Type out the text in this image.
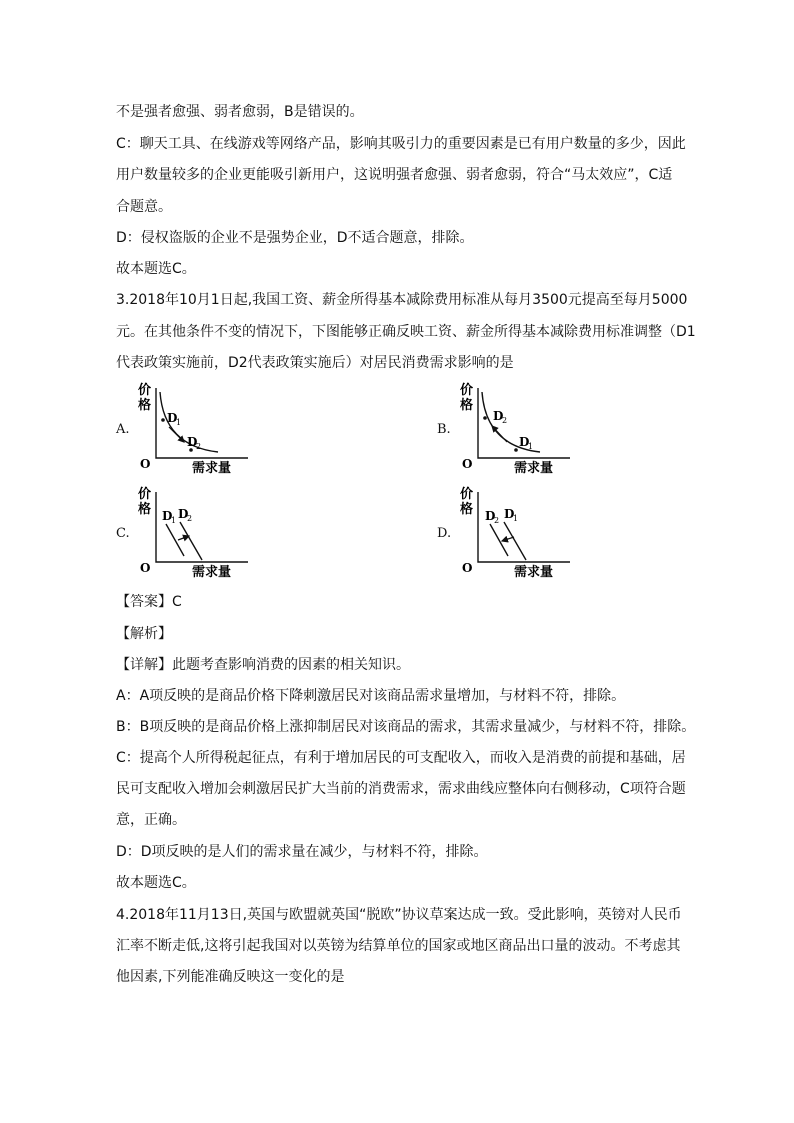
不是强者愈强、弱者愈弱，B是错误的。
C：聊天工具、在线游戏等网络产品，影响其吸引力的重要因素是已有用户数量的多少，因此
用户数量较多的企业更能吸引新用户，这说明强者愈强、弱者愈弱，符合“马太效应”，C适
合题意。
D：侵权盗版的企业不是强势企业，D不适合题意，排除。
故本题选C。
3.2018年10月1日起,我国工资、薪金所得基本减除费用标准从每月3500元提高至每月5000
元。在其他条件不变的情况下，下图能够正确反映工资、薪金所得基本减除费用标准调整（D1
代表政策实施前，D2代表政策实施后）对居民消费需求影响的是
A.	B.
C.	D.
价
格
D
1
D
2
O	需求量
价
格
D
2
D
1
O	需求量
价
格 D
1 D
2
O	需求量
价
格 D
2 D
1
O	需求量
【答案】C
【解析】
【详解】此题考查影响消费的因素的相关知识。
A：A项反映的是商品价格下降刺激居民对该商品需求量增加，与材料不符，排除。
B：B项反映的是商品价格上涨抑制居民对该商品的需求，其需求量减少，与材料不符，排除。
C：提高个人所得税起征点，有利于增加居民的可支配收入，而收入是消费的前提和基础，居
民可支配收入增加会刺激居民扩大当前的消费需求，需求曲线应整体向右侧移动，C项符合题
意，正确。
D：D项反映的是人们的需求量在减少，与材料不符，排除。
故本题选C。
4.2018年11月13日,英国与欧盟就英国“脱欧”协议草案达成一致。受此影响，英镑对人民币
汇率不断走低,这将引起我国对以英镑为结算单位的国家或地区商品出口量的波动。不考虑其
他因素,下列能准确反映这一变化的是
